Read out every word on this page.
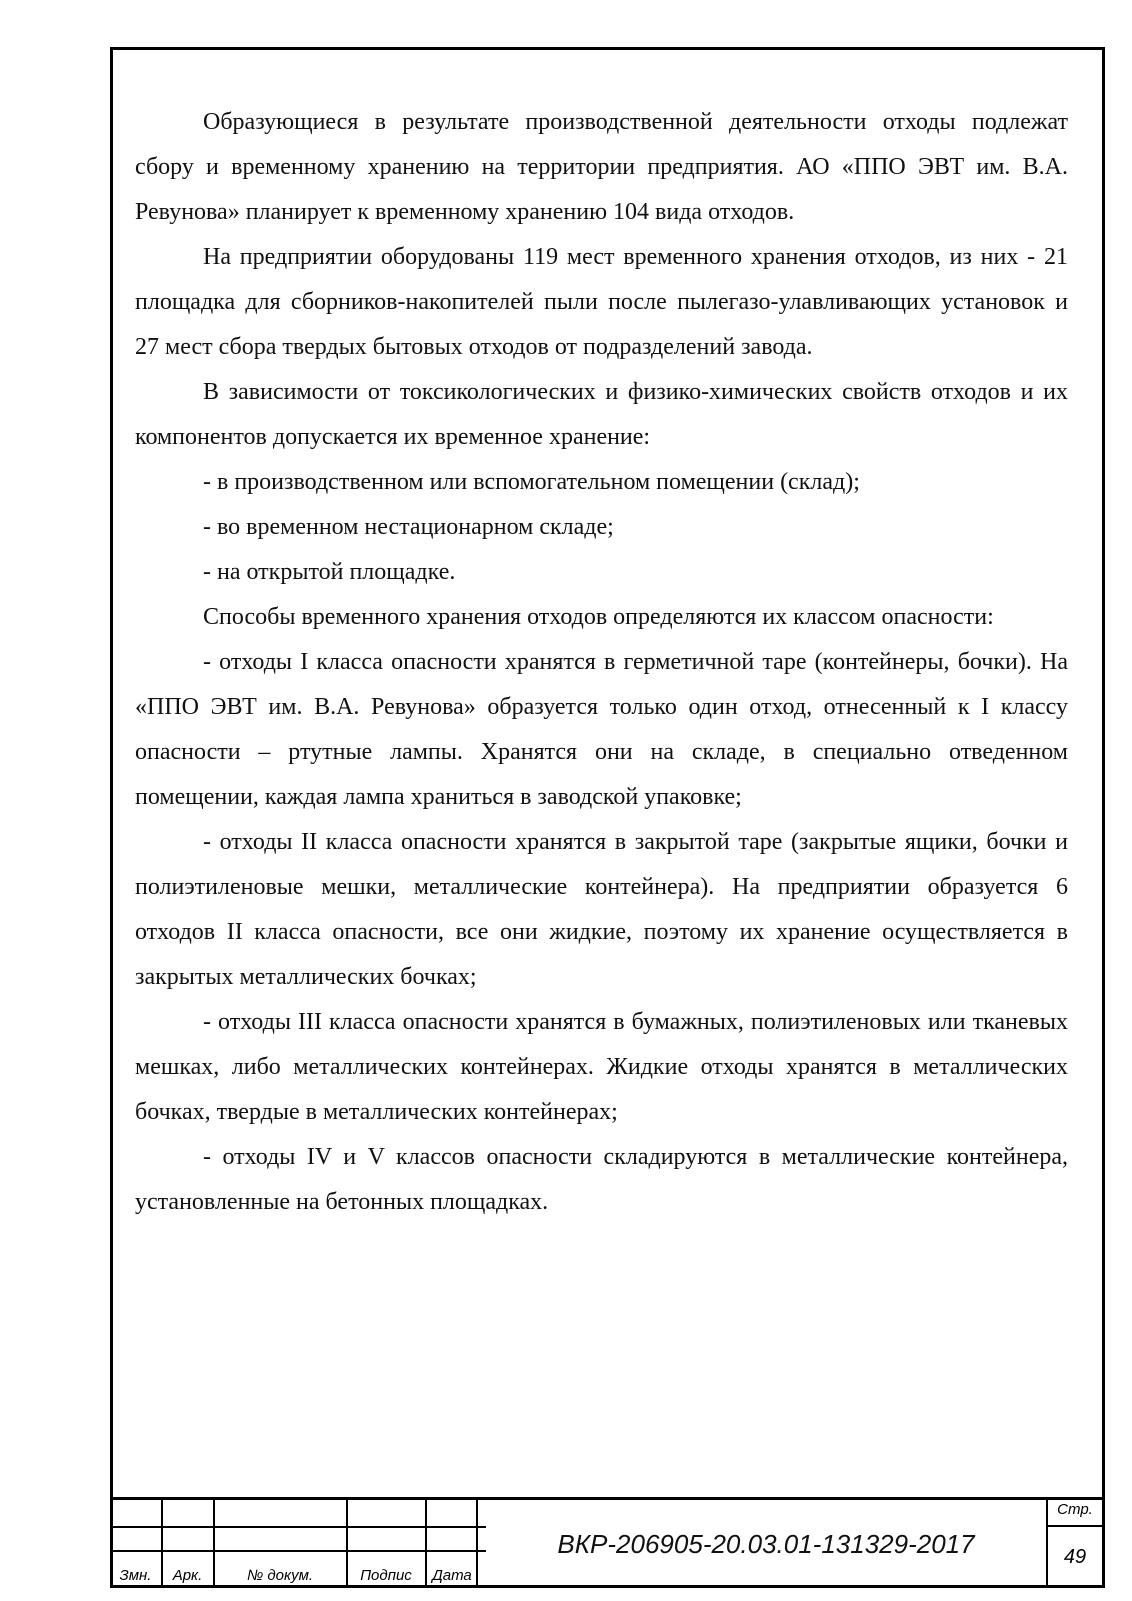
Образующиеся в результате производственной деятельности отходы подлежат сбору и временному хранению на территории предприятия. АО «ППО ЭВТ им. В.А. Ревунова» планирует к временному хранению 104 вида отходов.

На предприятии оборудованы 119 мест временного хранения отходов, из них - 21 площадка для сборников-накопителей пыли после пылегазо-улавливающих установок и 27 мест сбора твердых бытовых отходов от подразделений завода.

В зависимости от токсикологических и физико-химических свойств отходов и их компонентов допускается их временное хранение:

- в производственном или вспомогательном помещении (склад);

- во временном нестационарном складе;

- на открытой площадке.

Способы временного хранения отходов определяются их классом опасности:

- отходы I класса опасности хранятся в герметичной таре (контейнеры, бочки). На «ППО ЭВТ им. В.А. Ревунова» образуется только один отход, отнесенный к I классу опасности – ртутные лампы. Хранятся они на складе, в специально отведенном помещении, каждая лампа храниться в заводской упаковке;

- отходы II класса опасности хранятся в закрытой таре (закрытые ящики, бочки и полиэтиленовые мешки, металлические контейнера). На предприятии образуется 6 отходов II класса опасности, все они жидкие, поэтому их хранение осуществляется в закрытых металлических бочках;

- отходы III класса опасности хранятся в бумажных, полиэтиленовых или тканевых мешках, либо металлических контейнерах. Жидкие отходы хранятся в металлических бочках, твердые в металлических контейнерах;

- отходы IV и V классов опасности складируются в металлические контейнера, установленные на бетонных площадках.

Змн.	Арк.	№ докум.	Подпис	Дата
ВКР-206905-20.03.01-131329-2017
Стр.
49
